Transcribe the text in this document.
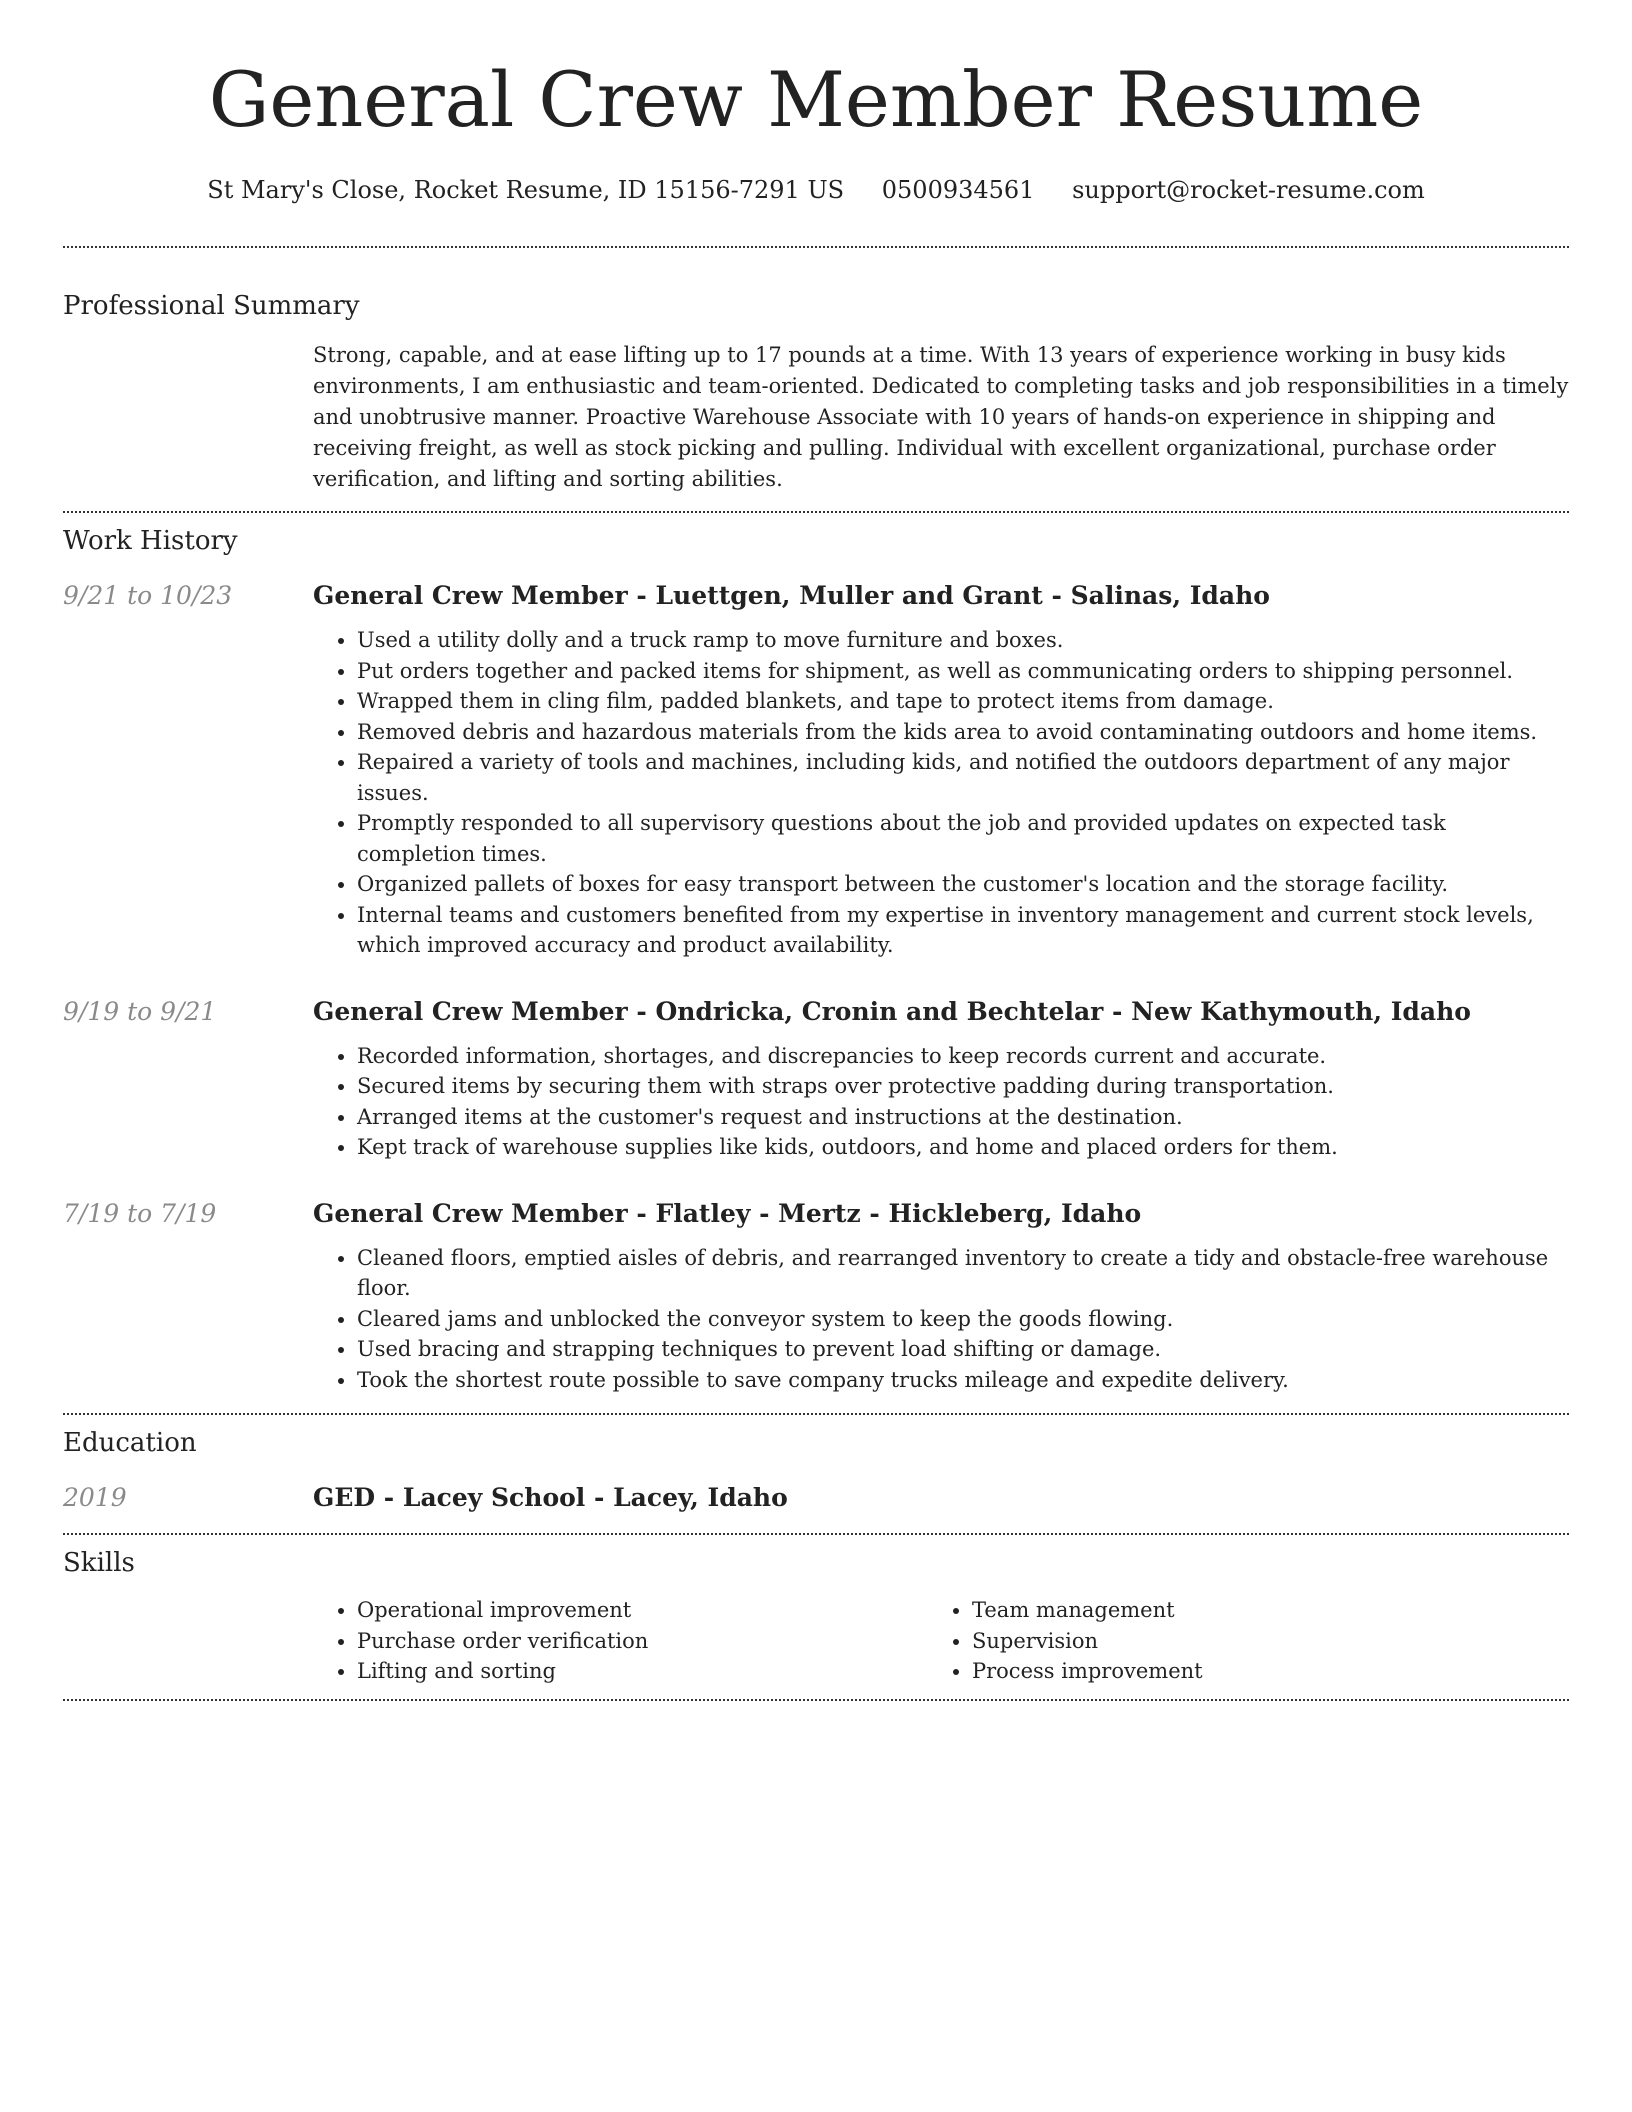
General Crew Member Resume
St Mary's Close, Rocket Resume, ID 15156-7291 US 0500934561 support@rocket-resume.com
Professional Summary

Strong, capable, and at ease lifting up to 17 pounds at a time. With 13 years of experience working in busy kids environments, I am enthusiastic and team-oriented. Dedicated to completing tasks and job responsibilities in a timely and unobtrusive manner. Proactive Warehouse Associate with 10 years of hands-on experience in shipping and receiving freight, as well as stock picking and pulling. Individual with excellent organizational, purchase order verification, and lifting and sorting abilities.

Work History
9/21 to 10/23	General Crew Member - Luettgen, Muller and Grant - Salinas, Idaho
• Used a utility dolly and a truck ramp to move furniture and boxes.
• Put orders together and packed items for shipment, as well as communicating orders to shipping personnel.
• Wrapped them in cling film, padded blankets, and tape to protect items from damage.
• Removed debris and hazardous materials from the kids area to avoid contaminating outdoors and home items.
• Repaired a variety of tools and machines, including kids, and notified the outdoors department of any major issues.
• Promptly responded to all supervisory questions about the job and provided updates on expected task completion times.
• Organized pallets of boxes for easy transport between the customer's location and the storage facility.
• Internal teams and customers benefited from my expertise in inventory management and current stock levels, which improved accuracy and product availability.
9/19 to 9/21	General Crew Member - Ondricka, Cronin and Bechtelar - New Kathymouth, Idaho
• Recorded information, shortages, and discrepancies to keep records current and accurate.
• Secured items by securing them with straps over protective padding during transportation.
• Arranged items at the customer's request and instructions at the destination.
• Kept track of warehouse supplies like kids, outdoors, and home and placed orders for them.
7/19 to 7/19	General Crew Member - Flatley - Mertz - Hickleberg, Idaho
• Cleaned floors, emptied aisles of debris, and rearranged inventory to create a tidy and obstacle-free warehouse floor.
• Cleared jams and unblocked the conveyor system to keep the goods flowing.
• Used bracing and strapping techniques to prevent load shifting or damage.
• Took the shortest route possible to save company trucks mileage and expedite delivery.
Education
2019	GED - Lacey School - Lacey, Idaho
Skills
• Operational improvement
• Purchase order verification
• Lifting and sorting
• Team management
• Supervision
• Process improvement
